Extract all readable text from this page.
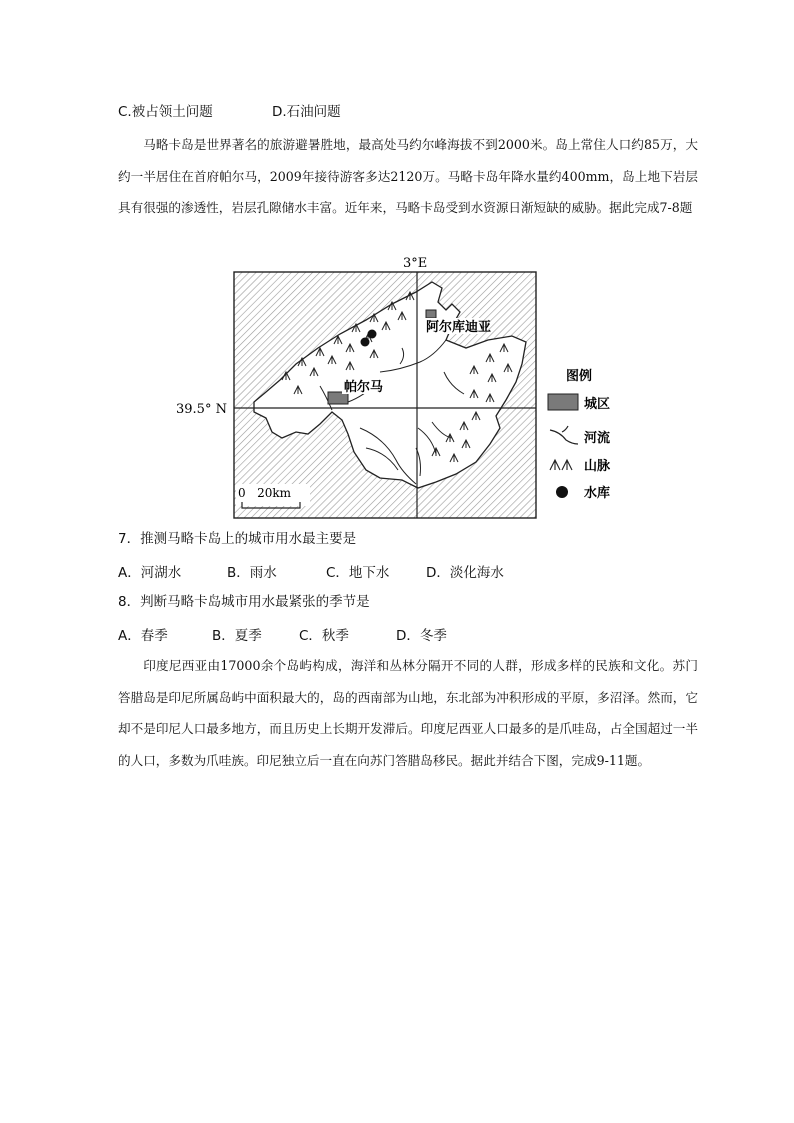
C.被占领土问题	D.石油问题

马略卡岛是世界著名的旅游避暑胜地，最高处马约尔峰海拔不到2000米。岛上常住人口约85万，大约一半居住在首府帕尔马，2009年接待游客多达2120万。马略卡岛年降水量约400mm，岛上地下岩层具有很强的渗透性，岩层孔隙储水丰富。近年来，马略卡岛受到水资源日渐短缺的威胁。据此完成7-8题

阿尔库迪亚
帕尔马
3°E
39.5° N
0   20km
图例
城区
河流
山脉
水库
7．推测马略卡岛上的城市用水最主要是
A．河湖水	B．雨水	C．地下水	D．淡化海水
8．判断马略卡岛城市用水最紧张的季节是
A．春季	B．夏季	C．秋季	D．冬季

印度尼西亚由17000余个岛屿构成，海洋和丛林分隔开不同的人群，形成多样的民族和文化。苏门答腊岛是印尼所属岛屿中面积最大的，岛的西南部为山地，东北部为冲积形成的平原，多沼泽。然而，它却不是印尼人口最多地方，而且历史上长期开发滞后。印度尼西亚人口最多的是爪哇岛，占全国超过一半的人口，多数为爪哇族。印尼独立后一直在向苏门答腊岛移民。据此并结合下图，完成9-11题。
